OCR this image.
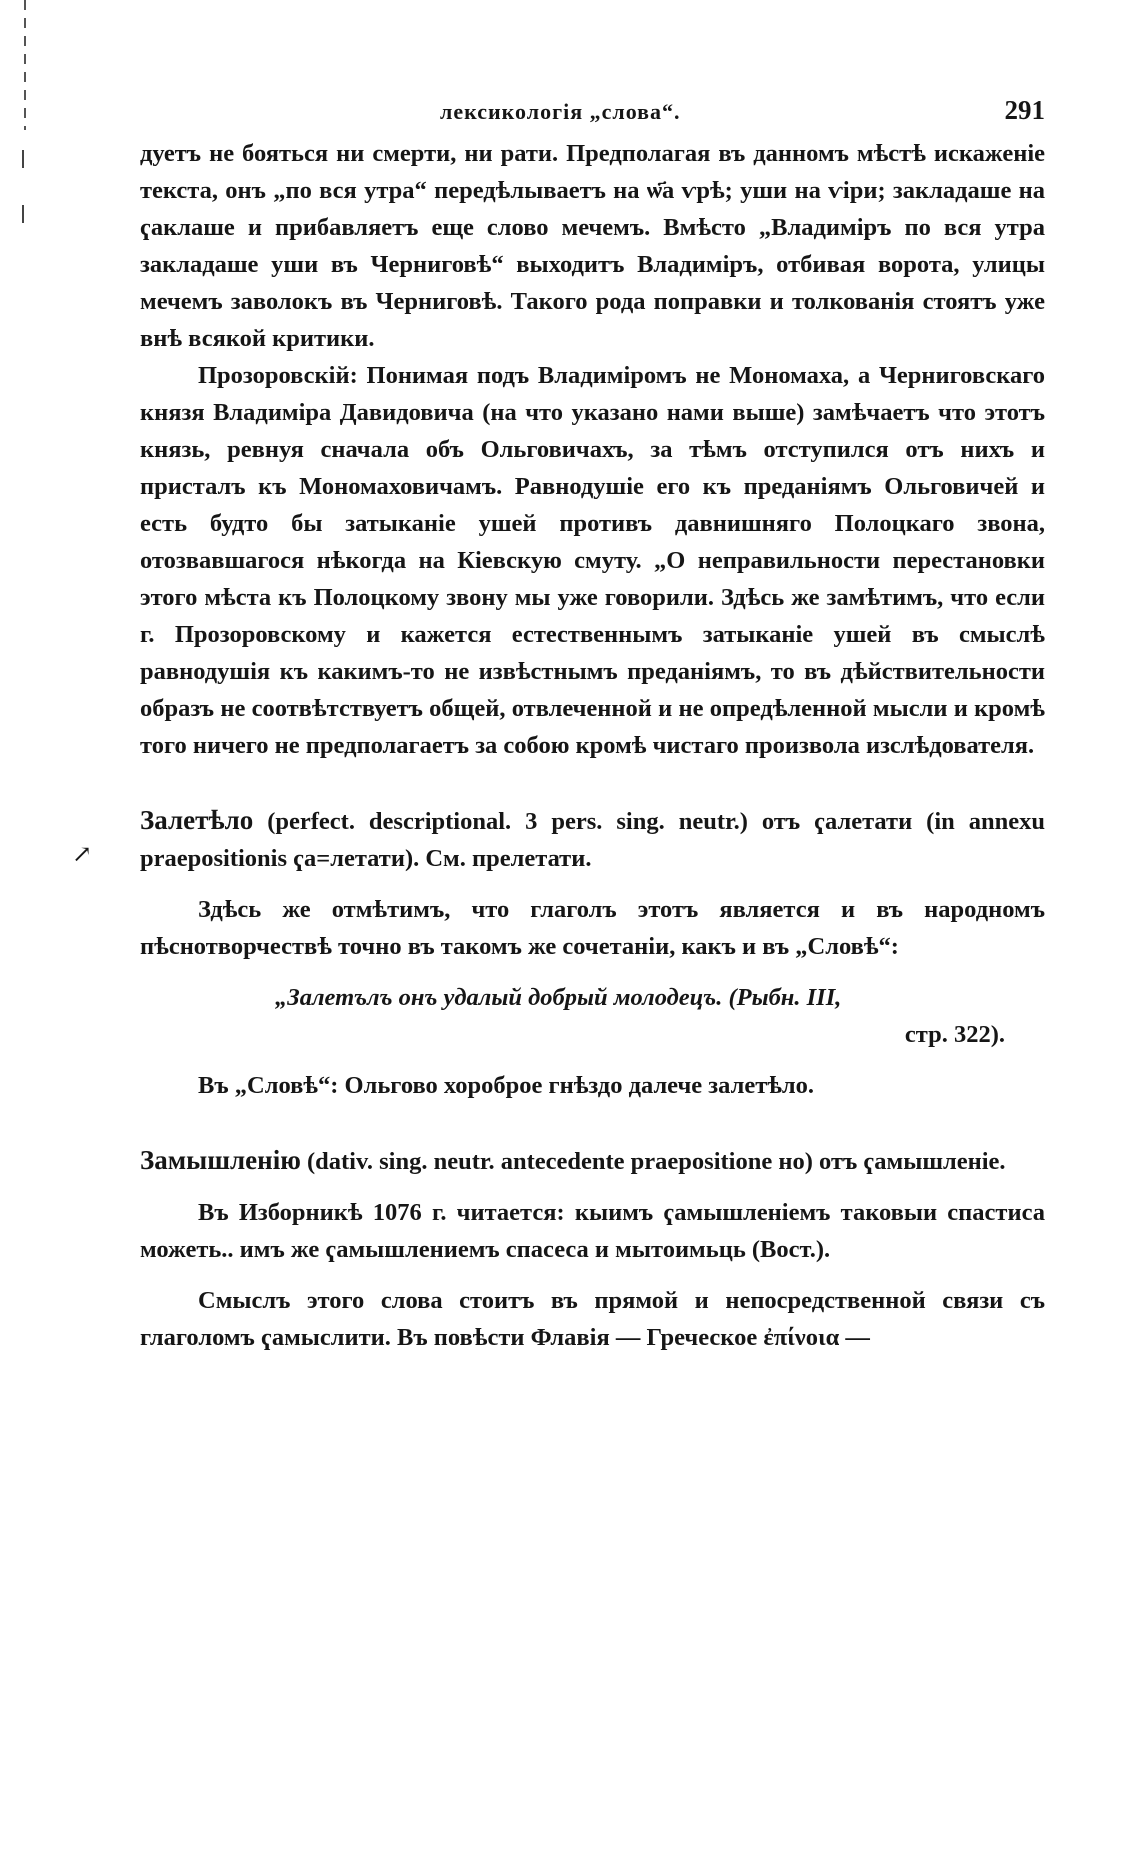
лексикологія „слова“.	291

дуетъ не бояться ни смерти, ни рати. Предполагая въ данномъ мѣстѣ искаженіе текста, онъ „по вся утра“ передѣлываетъ на ѡ҃а ѵрѣ; уши на ѵіри; закладаше на ҁаклаше и прибавляетъ еще слово мечемъ. Вмѣсто „Владиміръ по вся утра закладаше уши въ Черниговѣ“ выходитъ Владиміръ, отбивая ворота, улицы мечемъ заволокъ въ Черниговѣ. Такого рода поправки и толкованія стоятъ уже внѣ всякой критики.

Прозоровскій: Понимая подъ Владиміромъ не Мономаха, а Черниговскаго князя Владиміра Давидовича (на что указано нами выше) замѣчаетъ что этотъ князь, ревнуя сначала объ Ольговичахъ, за тѣмъ отступился отъ нихъ и присталъ къ Мономаховичамъ. Равнодушіе его къ преданіямъ Ольговичей и есть будто бы затыканіе ушей противъ давнишняго Полоцкаго звона, отозвавшагося нѣкогда на Кіевскую смуту. „О неправильности перестановки этого мѣста къ Полоцкому звону мы уже говорили. Здѣсь же замѣтимъ, что если г. Прозоровскому и кажется естественнымъ затыканіе ушей въ смыслѣ равнодушія къ какимъ-то не извѣстнымъ преданіямъ, то въ дѣйствительности образъ не соотвѣтствуетъ общей, отвлеченной и не опредѣленной мысли и кромѣ того ничего не предполагаетъ за собою кромѣ чистаго произвола изслѣдователя.

Залетѣло (perfect. descriptional. 3 pers. sing. neutr.) отъ ҁалетати (in annexu praepositionis ҁа=летати). См. прелетати.

Здѣсь же отмѣтимъ, что глаголъ этотъ является и въ народномъ пѣснотворчествѣ точно въ такомъ же сочетаніи, какъ и въ „Словѣ“:

„Залетълъ онъ удалый добрый молодецъ. (Рыбн. III,

стр. 322).

Въ „Словѣ“: Ольгово хороброе гнѣздо далече залетѣло.

Замышленію (dativ. sing. neutr. antecedente praepositione но) отъ ҁамышленіе.

Въ Изборникѣ 1076 г. читается: кыимъ ҁамышленіемъ таковыи спастиса можеть.. имъ же ҁамышлениемъ спасеса и мытоимьць (Вост.).

Смыслъ этого слова стоитъ въ прямой и непосредственной связи съ глаголомъ ҁамыслити. Въ повѣсти Флавія — Греческое ἐπίνοια —

↗
